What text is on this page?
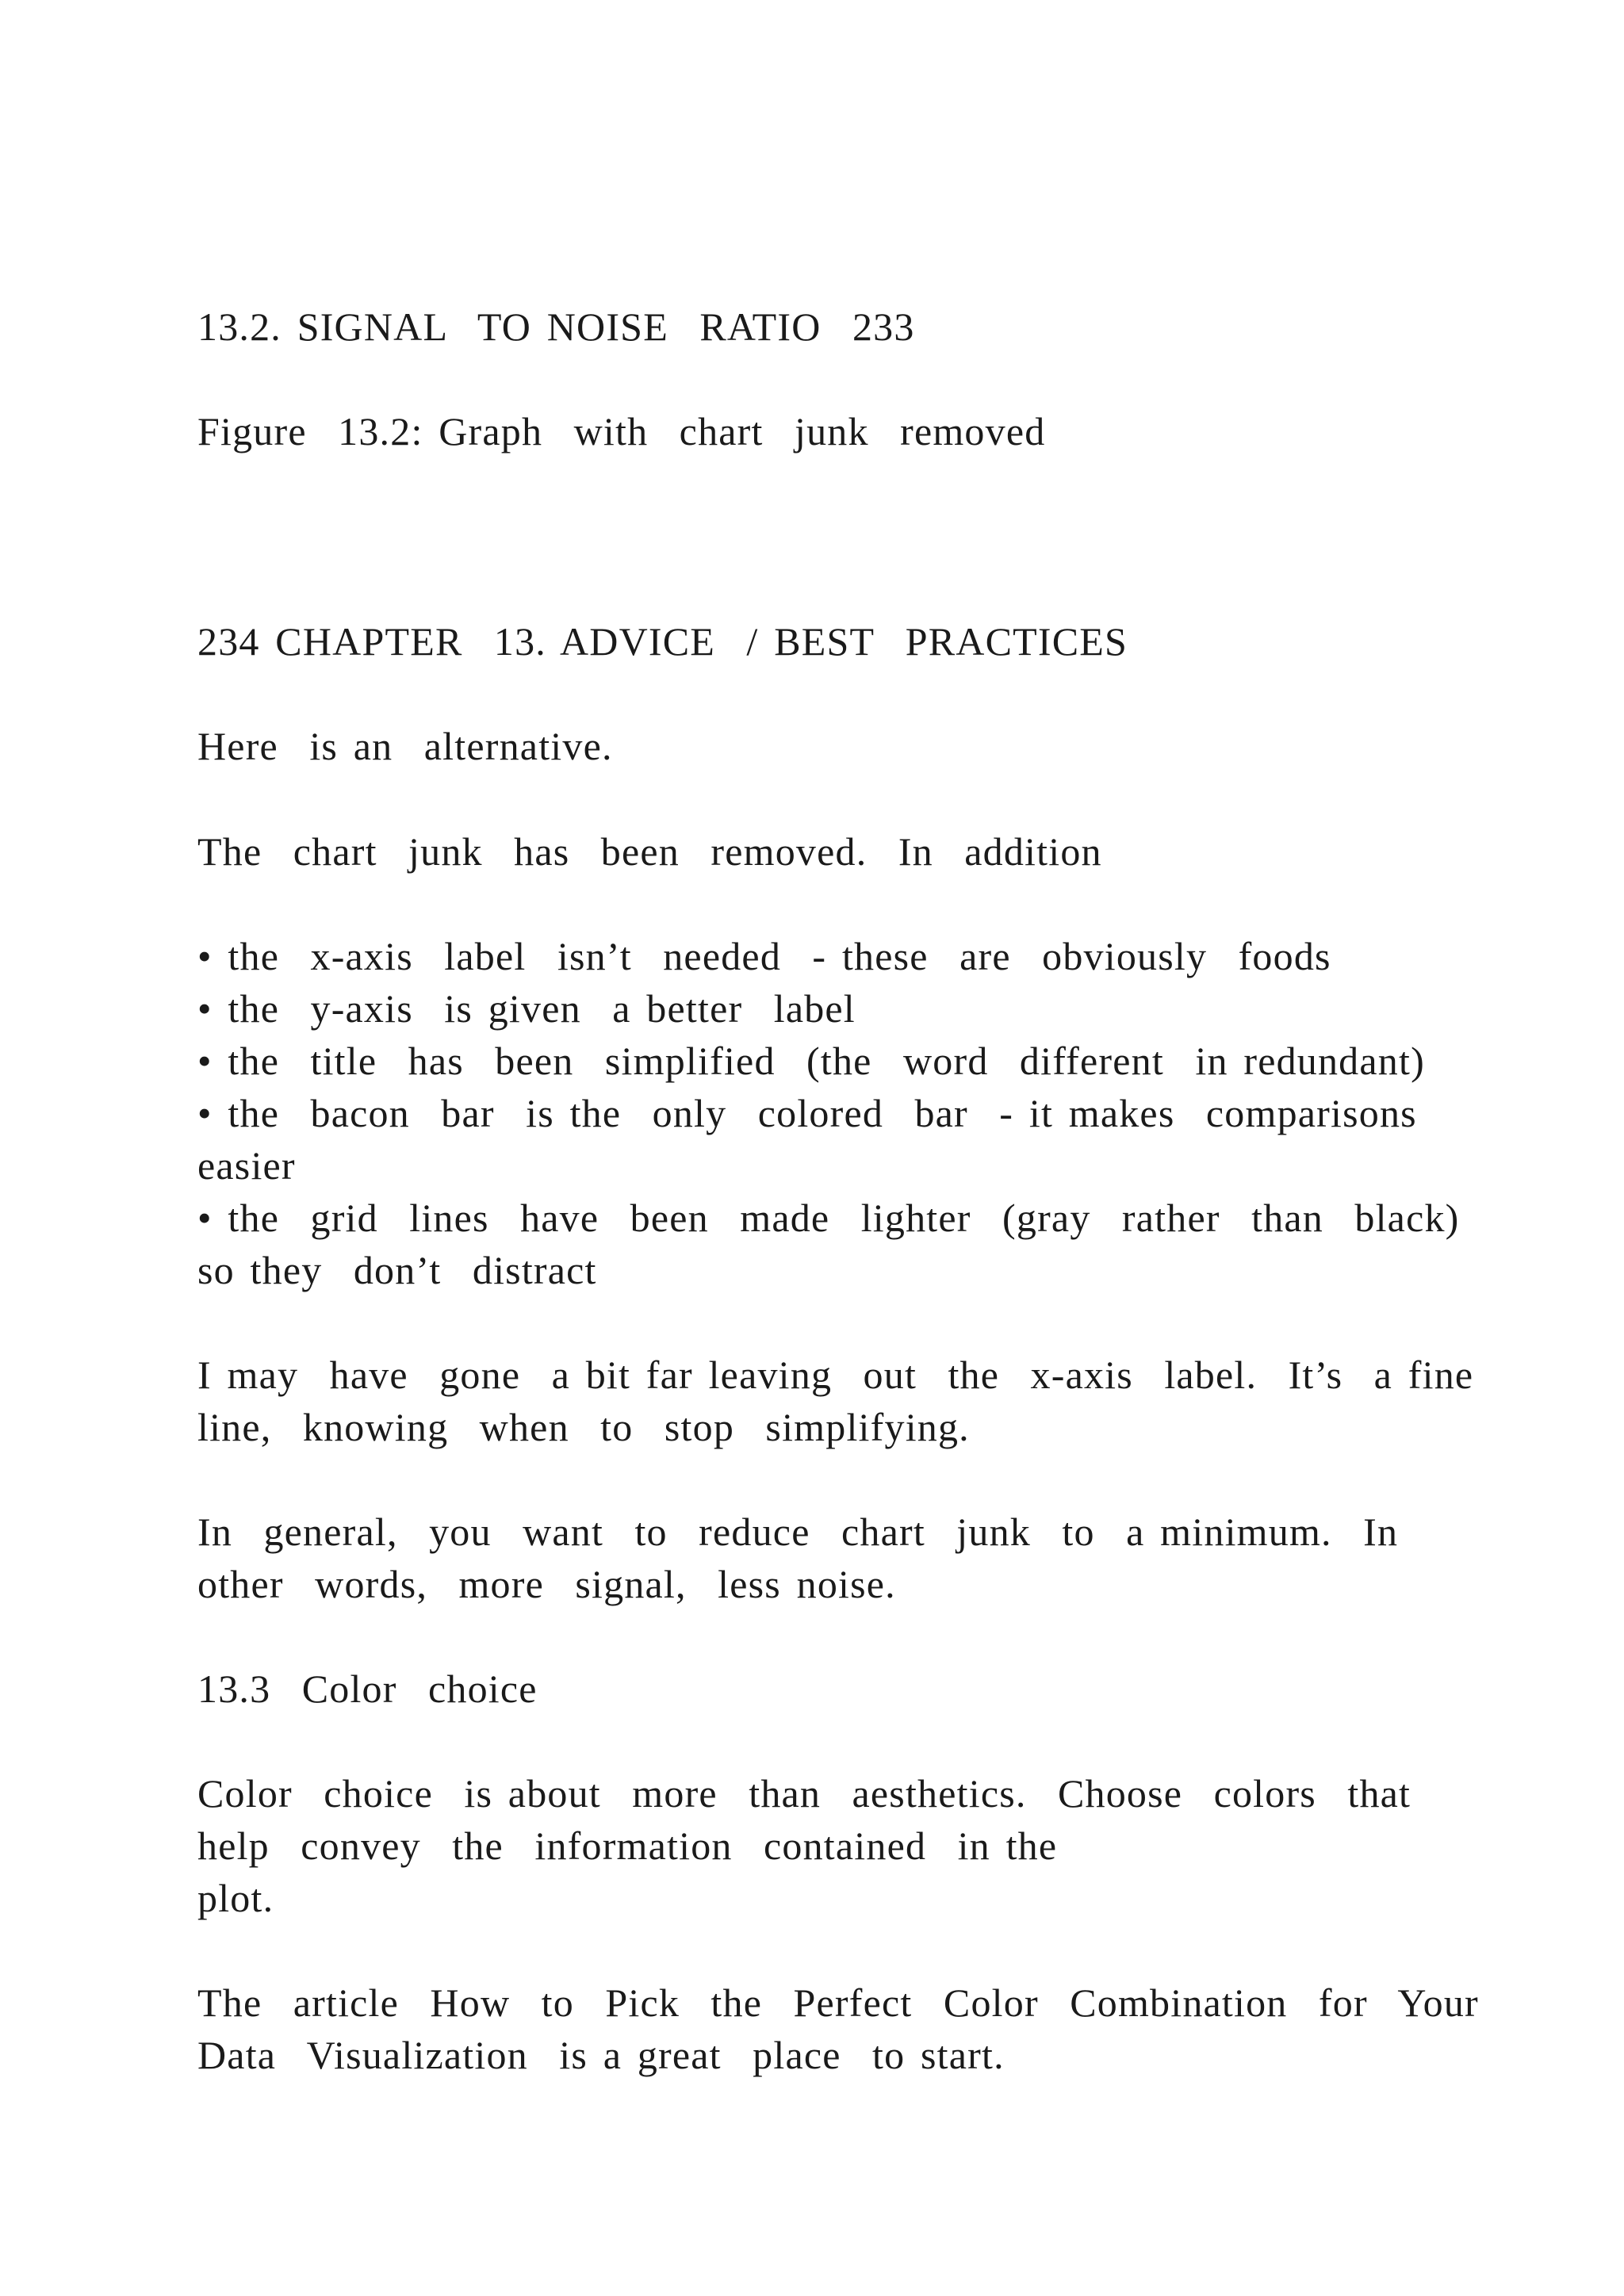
13.2. SIGNAL  TO NOISE  RATIO  233
Figure  13.2: Graph  with  chart  junk  removed
234 CHAPTER  13. ADVICE  / BEST  PRACTICES
Here  is an  alternative.
The  chart  junk  has  been  removed.  In  addition
• the  x-axis  label  isn’t  needed  - these  are  obviously  foods
• the  y-axis  is given  a better  label
• the  title  has  been  simplified  (the  word  different  in redundant)
• the  bacon  bar  is the  only  colored  bar  - it makes  comparisons
easier
• the  grid  lines  have  been  made  lighter  (gray  rather  than  black)
so they  don’t  distract
I may  have  gone  a bit far leaving  out  the  x-axis  label.  It’s  a fine
line,  knowing  when  to  stop  simplifying.
In  general,  you  want  to  reduce  chart  junk  to  a minimum.  In
other  words,  more  signal,  less noise.
13.3  Color  choice
Color  choice  is about  more  than  aesthetics.  Choose  colors  that
help  convey  the  information  contained  in the
plot.
The  article  How  to  Pick  the  Perfect  Color  Combination  for  Your
Data  Visualization  is a great  place  to start.
